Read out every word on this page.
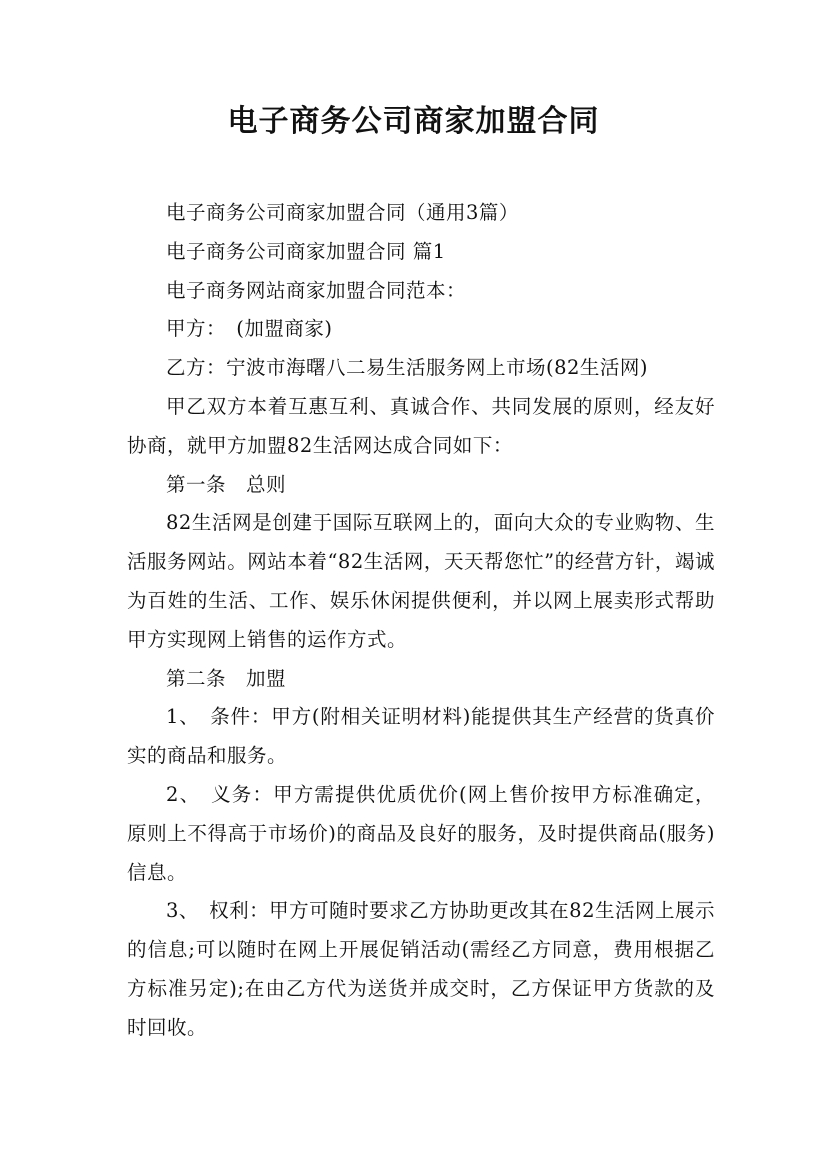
电子商务公司商家加盟合同

电子商务公司商家加盟合同（通用3篇）

电子商务公司商家加盟合同 篇1

电子商务网站商家加盟合同范本：

甲方：　(加盟商家)

乙方：宁波市海曙八二易生活服务网上市场(82生活网)

甲乙双方本着互惠互利、真诚合作、共同发展的原则，经友好协商，就甲方加盟82生活网达成合同如下：

第一条　总则

82生活网是创建于国际互联网上的，面向大众的专业购物、生活服务网站。网站本着“82生活网，天天帮您忙”的经营方针，竭诚为百姓的生活、工作、娱乐休闲提供便利，并以网上展卖形式帮助甲方实现网上销售的运作方式。

第二条　加盟

1、　条件：甲方(附相关证明材料)能提供其生产经营的货真价实的商品和服务。

2、　义务：甲方需提供优质优价(网上售价按甲方标准确定，原则上不得高于市场价)的商品及良好的服务，及时提供商品(服务)信息。

3、　权利：甲方可随时要求乙方协助更改其在82生活网上展示的信息;可以随时在网上开展促销活动(需经乙方同意，费用根据乙方标准另定);在由乙方代为送货并成交时，乙方保证甲方货款的及时回收。
